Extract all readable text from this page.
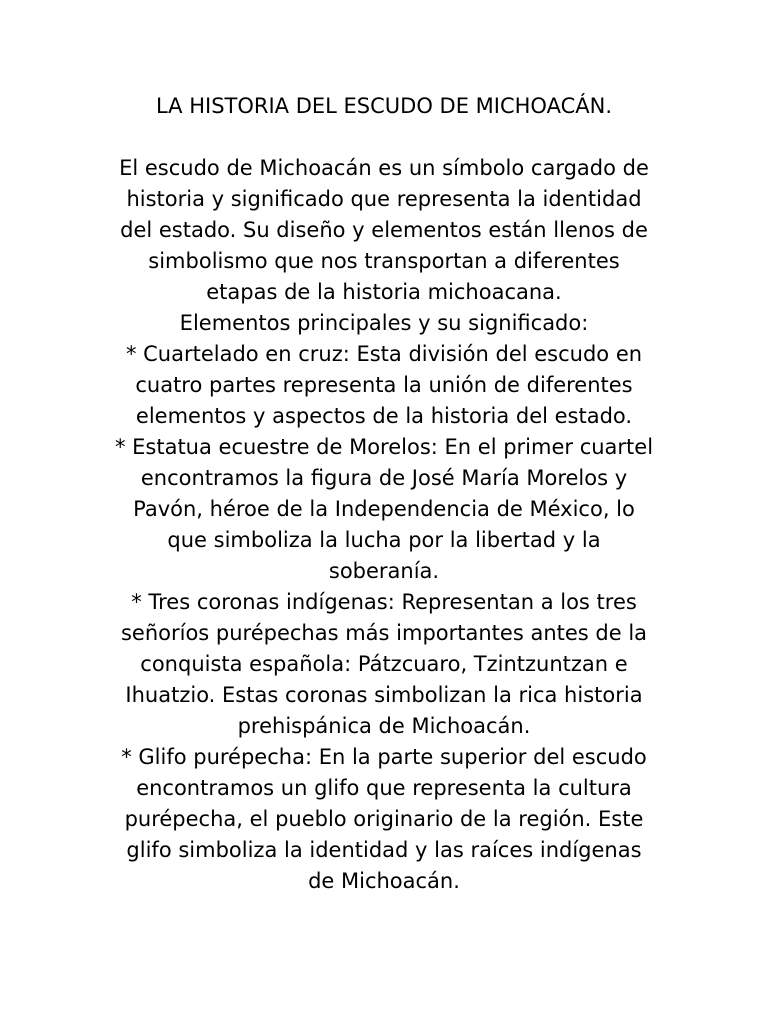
LA HISTORIA DEL ESCUDO DE MICHOACÁN.
El escudo de Michoacán es un símbolo cargado de
historia y significado que representa la identidad
del estado. Su diseño y elementos están llenos de
simbolismo que nos transportan a diferentes
etapas de la historia michoacana.
Elementos principales y su significado:
* Cuartelado en cruz: Esta división del escudo en
cuatro partes representa la unión de diferentes
elementos y aspectos de la historia del estado.
* Estatua ecuestre de Morelos: En el primer cuartel
encontramos la figura de José María Morelos y
Pavón, héroe de la Independencia de México, lo
que simboliza la lucha por la libertad y la
soberanía.
* Tres coronas indígenas: Representan a los tres
señoríos purépechas más importantes antes de la
conquista española: Pátzcuaro, Tzintzuntzan e
Ihuatzio. Estas coronas simbolizan la rica historia
prehispánica de Michoacán.
* Glifo purépecha: En la parte superior del escudo
encontramos un glifo que representa la cultura
purépecha, el pueblo originario de la región. Este
glifo simboliza la identidad y las raíces indígenas
de Michoacán.
